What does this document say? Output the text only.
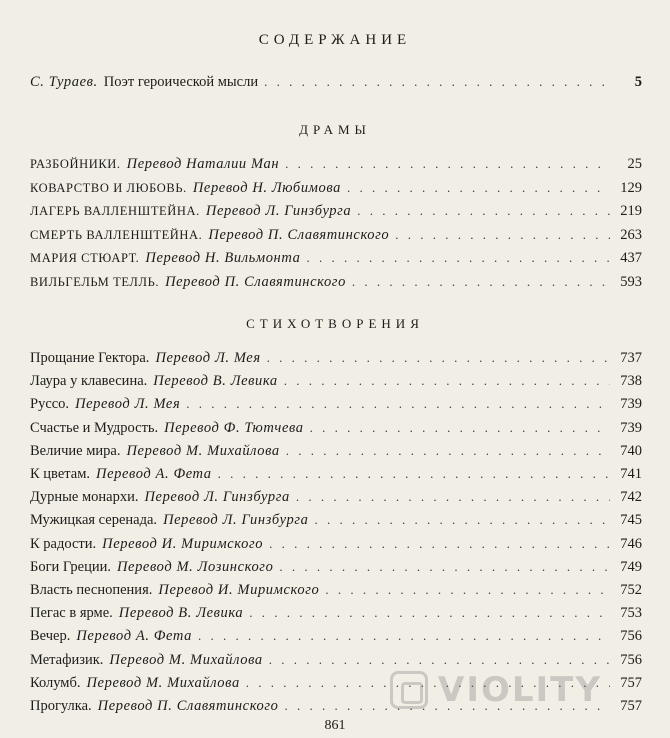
СОДЕРЖАНИЕ
С. Тураев. Поэт героической мысли . . .	5
ДРАМЫ
РАЗБОЙНИКИ. Перевод Наталии Ман . . .	25
КОВАРСТВО И ЛЮБОВЬ. Перевод Н. Любимова . . .	129
ЛАГЕРЬ ВАЛЛЕНШТЕЙНА. Перевод Л. Гинзбурга . . .	219
СМЕРТЬ ВАЛЛЕНШТЕЙНА. Перевод П. Славятинского . . .	263
МАРИЯ СТЮАРТ. Перевод Н. Вильмонта . . .	437
ВИЛЬГЕЛЬМ ТЕЛЛЬ. Перевод П. Славятинского . . .	593
СТИХОТВОРЕНИЯ
Прощание Гектора. Перевод Л. Мея . . .	737
Лаура у клавесина. Перевод В. Левика . . .	738
Руссо. Перевод Л. Мея . . .	739
Счастье и Мудрость. Перевод Ф. Тютчева . . .	739
Величие мира. Перевод М. Михайлова . . .	740
К цветам. Перевод А. Фета . . .	741
Дурные монархи. Перевод Л. Гинзбурга . . .	742
Мужицкая серенада. Перевод Л. Гинзбурга . . .	745
К радости. Перевод И. Миримского . . .	746
Боги Греции. Перевод М. Лозинского . . .	749
Власть песнопения. Перевод И. Миримского . . .	752
Пегас в ярме. Перевод В. Левика . . .	753
Вечер. Перевод А. Фета . . .	756
Метафизик. Перевод М. Михайлова . . .	756
Колумб. Перевод М. Михайлова . . .	757
Прогулка. Перевод П. Славятинского . . .	757
861
VIOLITY
